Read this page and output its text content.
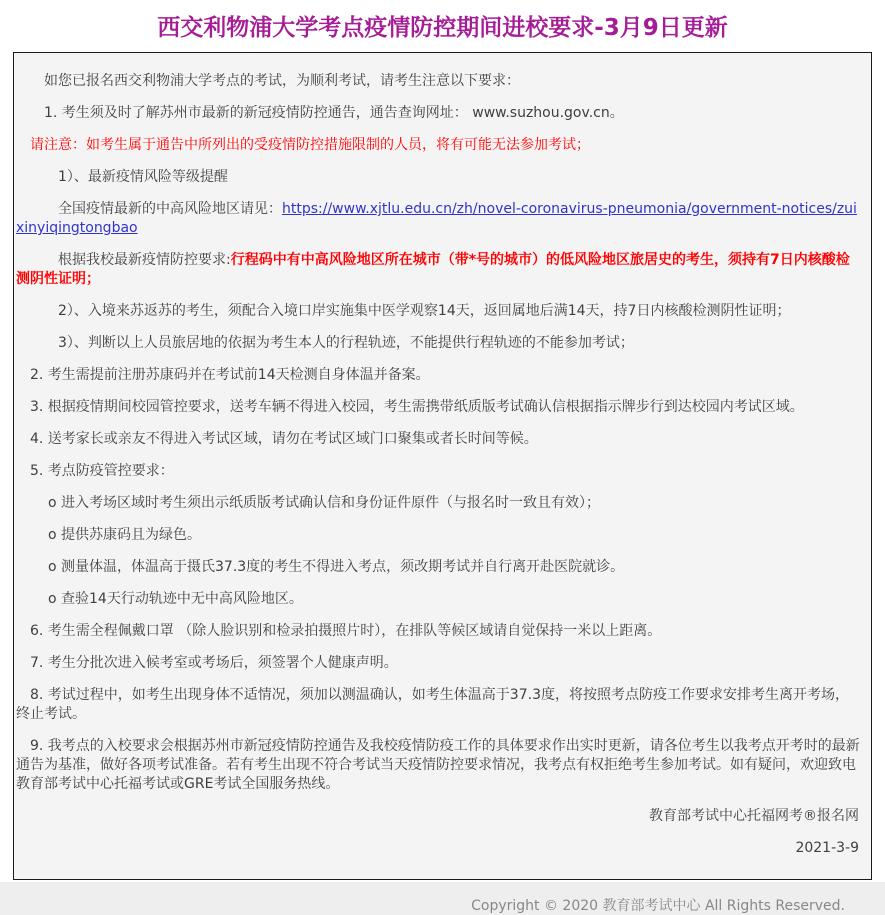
西交利物浦大学考点疫情防控期间进校要求-3月9日更新

如您已报名西交利物浦大学考点的考试，为顺利考试，请考生注意以下要求：

1. 考生须及时了解苏州市最新的新冠疫情防控通告，通告查询网址： www.suzhou.gov.cn。

请注意：如考生属于通告中所列出的受疫情防控措施限制的人员，将有可能无法参加考试；

1）、最新疫情风险等级提醒

全国疫情最新的中高风险地区请见：https://www.xjtlu.edu.cn/zh/novel-coronavirus-pneumonia/government-notices/zuixinyiqingtongbao

根据我校最新疫情防控要求:行程码中有中高风险地区所在城市（带*号的城市）的低风险地区旅居史的考生，须持有7日内核酸检测阴性证明；

2）、入境来苏返苏的考生，须配合入境口岸实施集中医学观察14天，返回属地后满14天，持7日内核酸检测阴性证明；

3）、判断以上人员旅居地的依据为考生本人的行程轨迹，不能提供行程轨迹的不能参加考试；

2. 考生需提前注册苏康码并在考试前14天检测自身体温并备案。

3. 根据疫情期间校园管控要求，送考车辆不得进入校园，考生需携带纸质版考试确认信根据指示牌步行到达校园内考试区域。

4. 送考家长或亲友不得进入考试区域，请勿在考试区域门口聚集或者长时间等候。

5. 考点防疫管控要求：

o 进入考场区域时考生须出示纸质版考试确认信和身份证件原件（与报名时一致且有效）；

o 提供苏康码且为绿色。

o 测量体温，体温高于摄氏37.3度的考生不得进入考点，须改期考试并自行离开赴医院就诊。

o 查验14天行动轨迹中无中高风险地区。

6. 考生需全程佩戴口罩 （除人脸识别和检录拍摄照片时），在排队等候区域请自觉保持一米以上距离。

7. 考生分批次进入候考室或考场后，须签署个人健康声明。

8. 考试过程中，如考生出现身体不适情况，须加以测温确认，如考生体温高于37.3度，将按照考点防疫工作要求安排考生离开考场，终止考试。

9. 我考点的入校要求会根据苏州市新冠疫情防控通告及我校疫情防疫工作的具体要求作出实时更新，请各位考生以我考点开考时的最新通告为基准，做好各项考试准备。若有考生出现不符合考试当天疫情防控要求情况，我考点有权拒绝考生参加考试。如有疑问，欢迎致电教育部考试中心托福考试或GRE考试全国服务热线。

教育部考试中心托福网考®报名网

2021-3-9

Copyright © 2020 教育部考试中心 All Rights Reserved.
